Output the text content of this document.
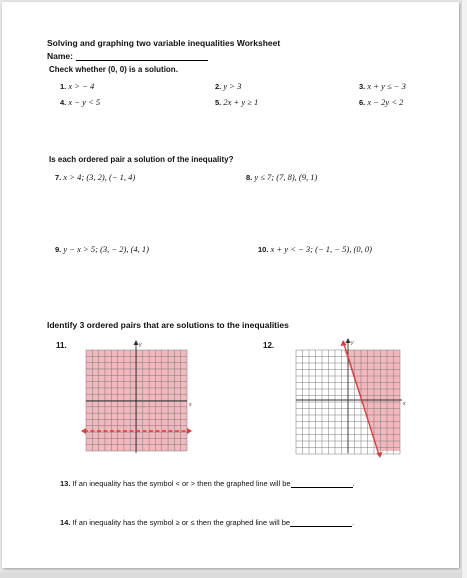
Solving and graphing two variable inequalities Worksheet
Name:
Check whether (0, 0) is a solution.
1. x > − 4	2. y > 3	3. x + y ≤ − 3
4. x − y < 5	5. 2x + y ≥ 1	6. x − 2y < 2
Is each ordered pair a solution of the inequality?
7. x > 4; (3, 2), (− 1, 4)	8. y ≤ 7; (7, 8), (9, 1)
9. y − x > 5; (3, − 2), (4, 1)	10. x + y < − 3; (− 1, − 5), (0, 0)
Identify 3 ordered pairs that are solutions to the inequalities
11.	12.
y
x
y
x
13. If an inequality has the symbol < or > then the graphed line will be	.
14. If an inequality has the symbol ≥ or ≤ then the graphed line will be	.
